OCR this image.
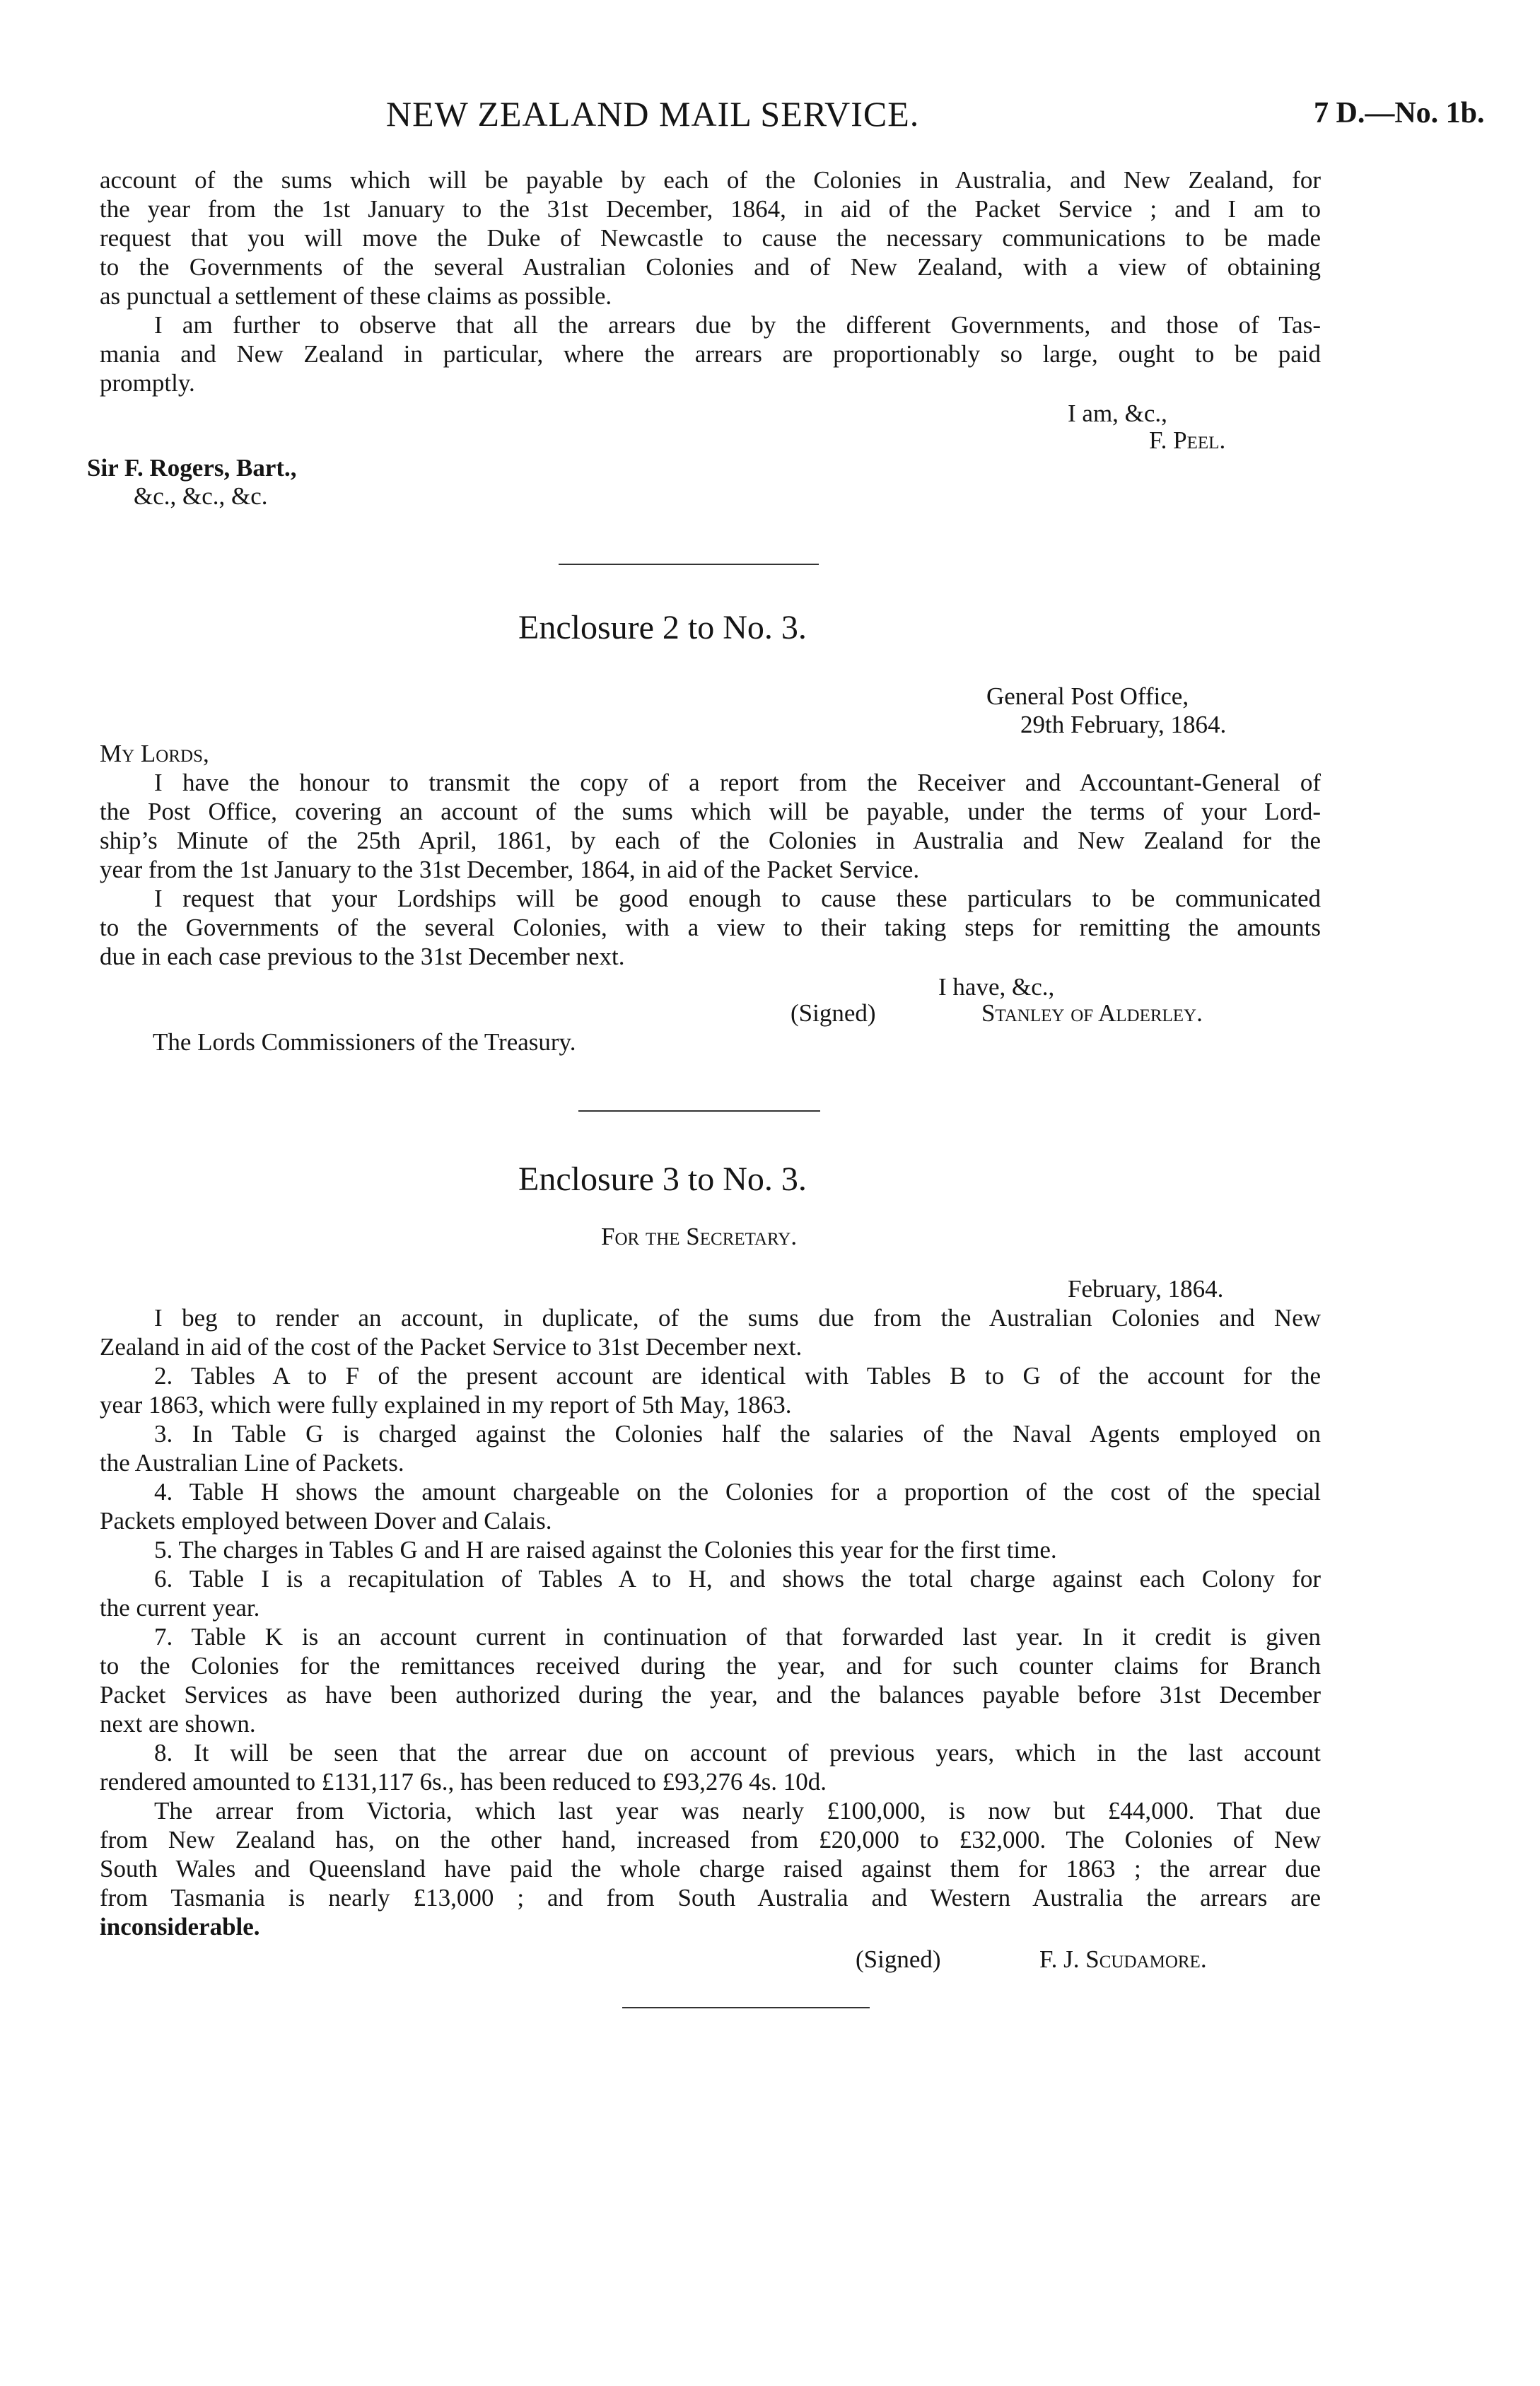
NEW ZEALAND MAIL SERVICE.	7 D.—No. 1b.
account of the sums which will be payable by each of the Colonies in Australia, and New Zealand, for
the year from the 1st January to the 31st December, 1864, in aid of the Packet Service ; and I am to
request that you will move the Duke of Newcastle to cause the necessary communications to be made
to the Governments of the several Australian Colonies and of New Zealand, with a view of obtaining
as punctual a settlement of these claims as possible.
I am further to observe that all the arrears due by the different Governments, and those of Tas-
mania and New Zealand in particular, where the arrears are proportionably so large, ought to be paid
promptly.
I am, &c.,
F. Peel.
Sir F. Rogers, Bart.,
&c., &c., &c.
Enclosure 2 to No. 3.
General Post Office,
29th February, 1864.
My Lords,
I have the honour to transmit the copy of a report from the Receiver and Accountant-General of
the Post Office, covering an account of the sums which will be payable, under the terms of your Lord-
ship’s Minute of the 25th April, 1861, by each of the Colonies in Australia and New Zealand for the
year from the 1st January to the 31st December, 1864, in aid of the Packet Service.
I request that your Lordships will be good enough to cause these particulars to be communicated
to the Governments of the several Colonies, with a view to their taking steps for remitting the amounts
due in each case previous to the 31st December next.
I have, &c.,
(Signed)	Stanley of Alderley.
The Lords Commissioners of the Treasury.
Enclosure 3 to No. 3.
For the Secretary.
February, 1864.
I beg to render an account, in duplicate, of the sums due from the Australian Colonies and New
Zealand in aid of the cost of the Packet Service to 31st December next.
2. Tables A to F of the present account are identical with Tables B to G of the account for the
year 1863, which were fully explained in my report of 5th May, 1863.
3. In Table G is charged against the Colonies half the salaries of the Naval Agents employed on
the Australian Line of Packets.
4. Table H shows the amount chargeable on the Colonies for a proportion of the cost of the special
Packets employed between Dover and Calais.
5. The charges in Tables G and H are raised against the Colonies this year for the first time.
6. Table I is a recapitulation of Tables A to H, and shows the total charge against each Colony for
the current year.
7. Table K is an account current in continuation of that forwarded last year. In it credit is given
to the Colonies for the remittances received during the year, and for such counter claims for Branch
Packet Services as have been authorized during the year, and the balances payable before 31st December
next are shown.
8. It will be seen that the arrear due on account of previous years, which in the last account
rendered amounted to £131,117 6s., has been reduced to £93,276 4s. 10d.
The arrear from Victoria, which last year was nearly £100,000, is now but £44,000. That due
from New Zealand has, on the other hand, increased from £20,000 to £32,000. The Colonies of New
South Wales and Queensland have paid the whole charge raised against them for 1863 ; the arrear due
from Tasmania is nearly £13,000 ; and from South Australia and Western Australia the arrears are
inconsiderable.
(Signed)	F. J. Scudamore.
